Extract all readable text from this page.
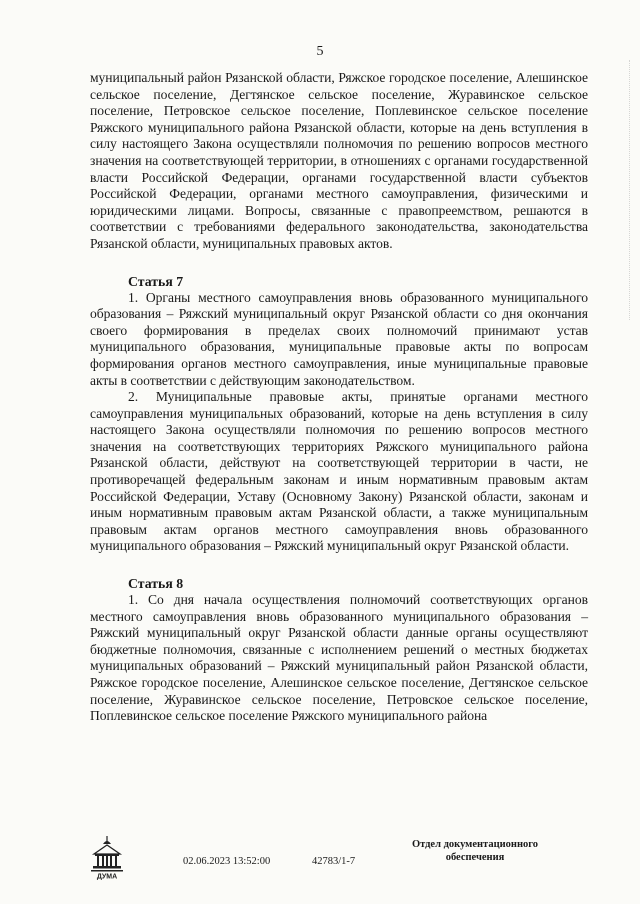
5

муниципальный район Рязанской области, Ряжское городское поселение, Алешинское сельское поселение, Дегтянское сельское поселение, Журавинское сельское поселение, Петровское сельское поселение, Поплевинское сельское поселение Ряжского муниципального района Рязанской области, которые на день вступления в силу настоящего Закона осуществляли полномочия по решению вопросов местного значения на соответствующей территории, в отношениях с органами государственной власти Российской Федерации, органами государственной власти субъектов Российской Федерации, органами местного самоуправления, физическими и юридическими лицами. Вопросы, связанные с правопреемством, решаются в соответствии с требованиями федерального законодательства, законодательства Рязанской области, муниципальных правовых актов.

Статья 7

1. Органы местного самоуправления вновь образованного муниципального образования – Ряжский муниципальный округ Рязанской области со дня окончания своего формирования в пределах своих полномочий принимают устав муниципального образования, муниципальные правовые акты по вопросам формирования органов местного самоуправления, иные муниципальные правовые акты в соответствии с действующим законодательством.

2. Муниципальные правовые акты, принятые органами местного самоуправления муниципальных образований, которые на день вступления в силу настоящего Закона осуществляли полномочия по решению вопросов местного значения на соответствующих территориях Ряжского муниципального района Рязанской области, действуют на соответствующей территории в части, не противоречащей федеральным законам и иным нормативным правовым актам Российской Федерации, Уставу (Основному Закону) Рязанской области, законам и иным нормативным правовым актам Рязанской области, а также муниципальным правовым актам органов местного самоуправления вновь образованного муниципального образования – Ряжский муниципальный округ Рязанской области.

Статья 8

1. Со дня начала осуществления полномочий соответствующих органов местного самоуправления вновь образованного муниципального образования – Ряжский муниципальный округ Рязанской области данные органы осуществляют бюджетные полномочия, связанные с исполнением решений о местных бюджетах муниципальных образований – Ряжский муниципальный район Рязанской области, Ряжское городское поселение, Алешинское сельское поселение, Дегтянское сельское поселение, Журавинское сельское поселение, Петровское сельское поселение, Поплевинское сельское поселение Ряжского муниципального района

ДУМА
02.06.2023 13:52:00	42783/1-7
Отдел документационного
обеспечения
